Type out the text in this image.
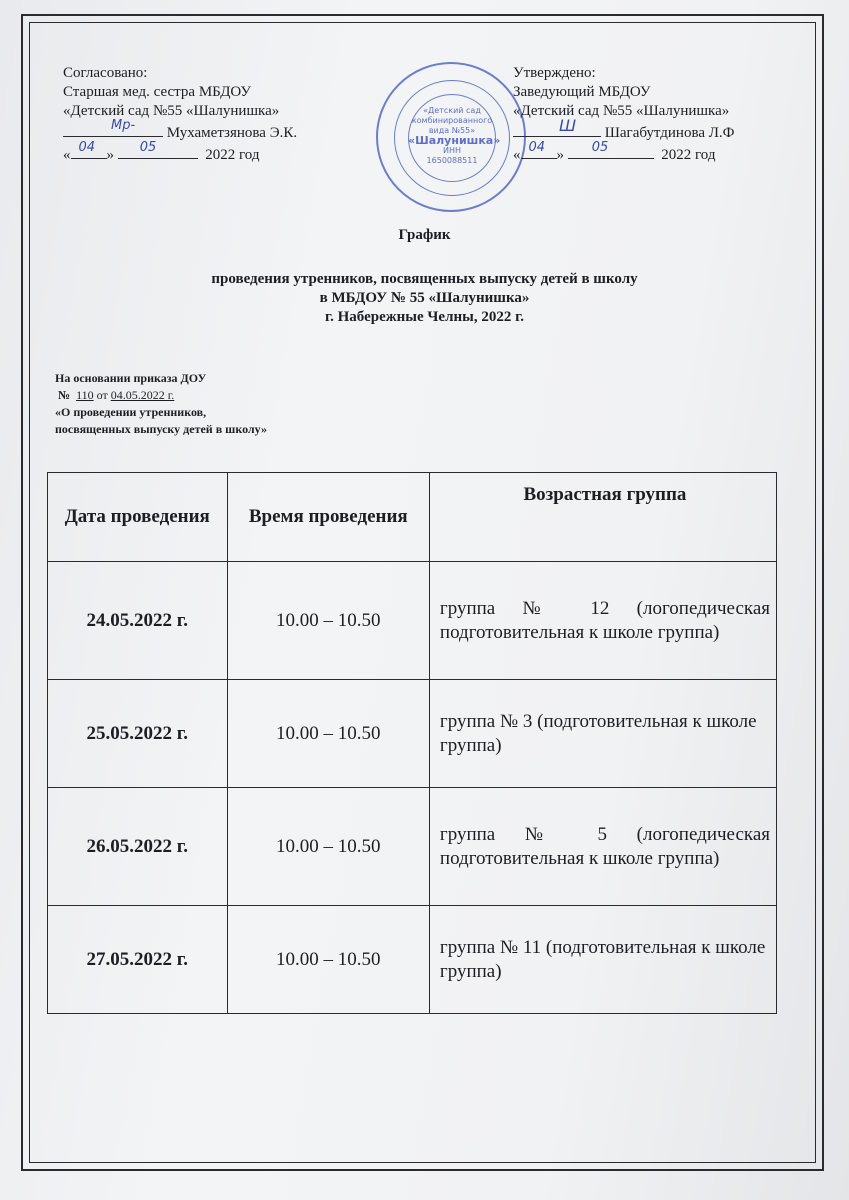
Согласовано:
Старшая мед. сестра МБДОУ
«Детский сад №55 «Шалунишка»
Мр- Мухаметзянова Э.К.
« 04 » 05	2022 год
«Детский сад
комбинированного
вида №55»
«Шалунишка»
ИНН
1650088511
Утверждено:
Заведующий МБДОУ
«Детский сад №55 «Шалунишка»
Ш Шагабутдинова Л.Ф
« 04 » 05	2022 год
График
проведения утренников, посвященных выпуску детей в школу
в МБДОУ № 55 «Шалунишка»
г. Набережные Челны, 2022 г.
На основании приказа ДОУ
№ 110 от 04.05.2022 г.
«О проведении утренников,
посвященных выпуску детей в школу»
Дата проведения	Время проведения	Возрастная группа
24.05.2022 г.	10.00 – 10.50	группа № 12 (логопедическая подготовительная к школе группа)
25.05.2022 г.	10.00 – 10.50	группа № 3 (подготовительная к школе группа)
26.05.2022 г.	10.00 – 10.50	группа № 5 (логопедическая подготовительная к школе группа)
27.05.2022 г.	10.00 – 10.50	группа № 11 (подготовительная к школе группа)
